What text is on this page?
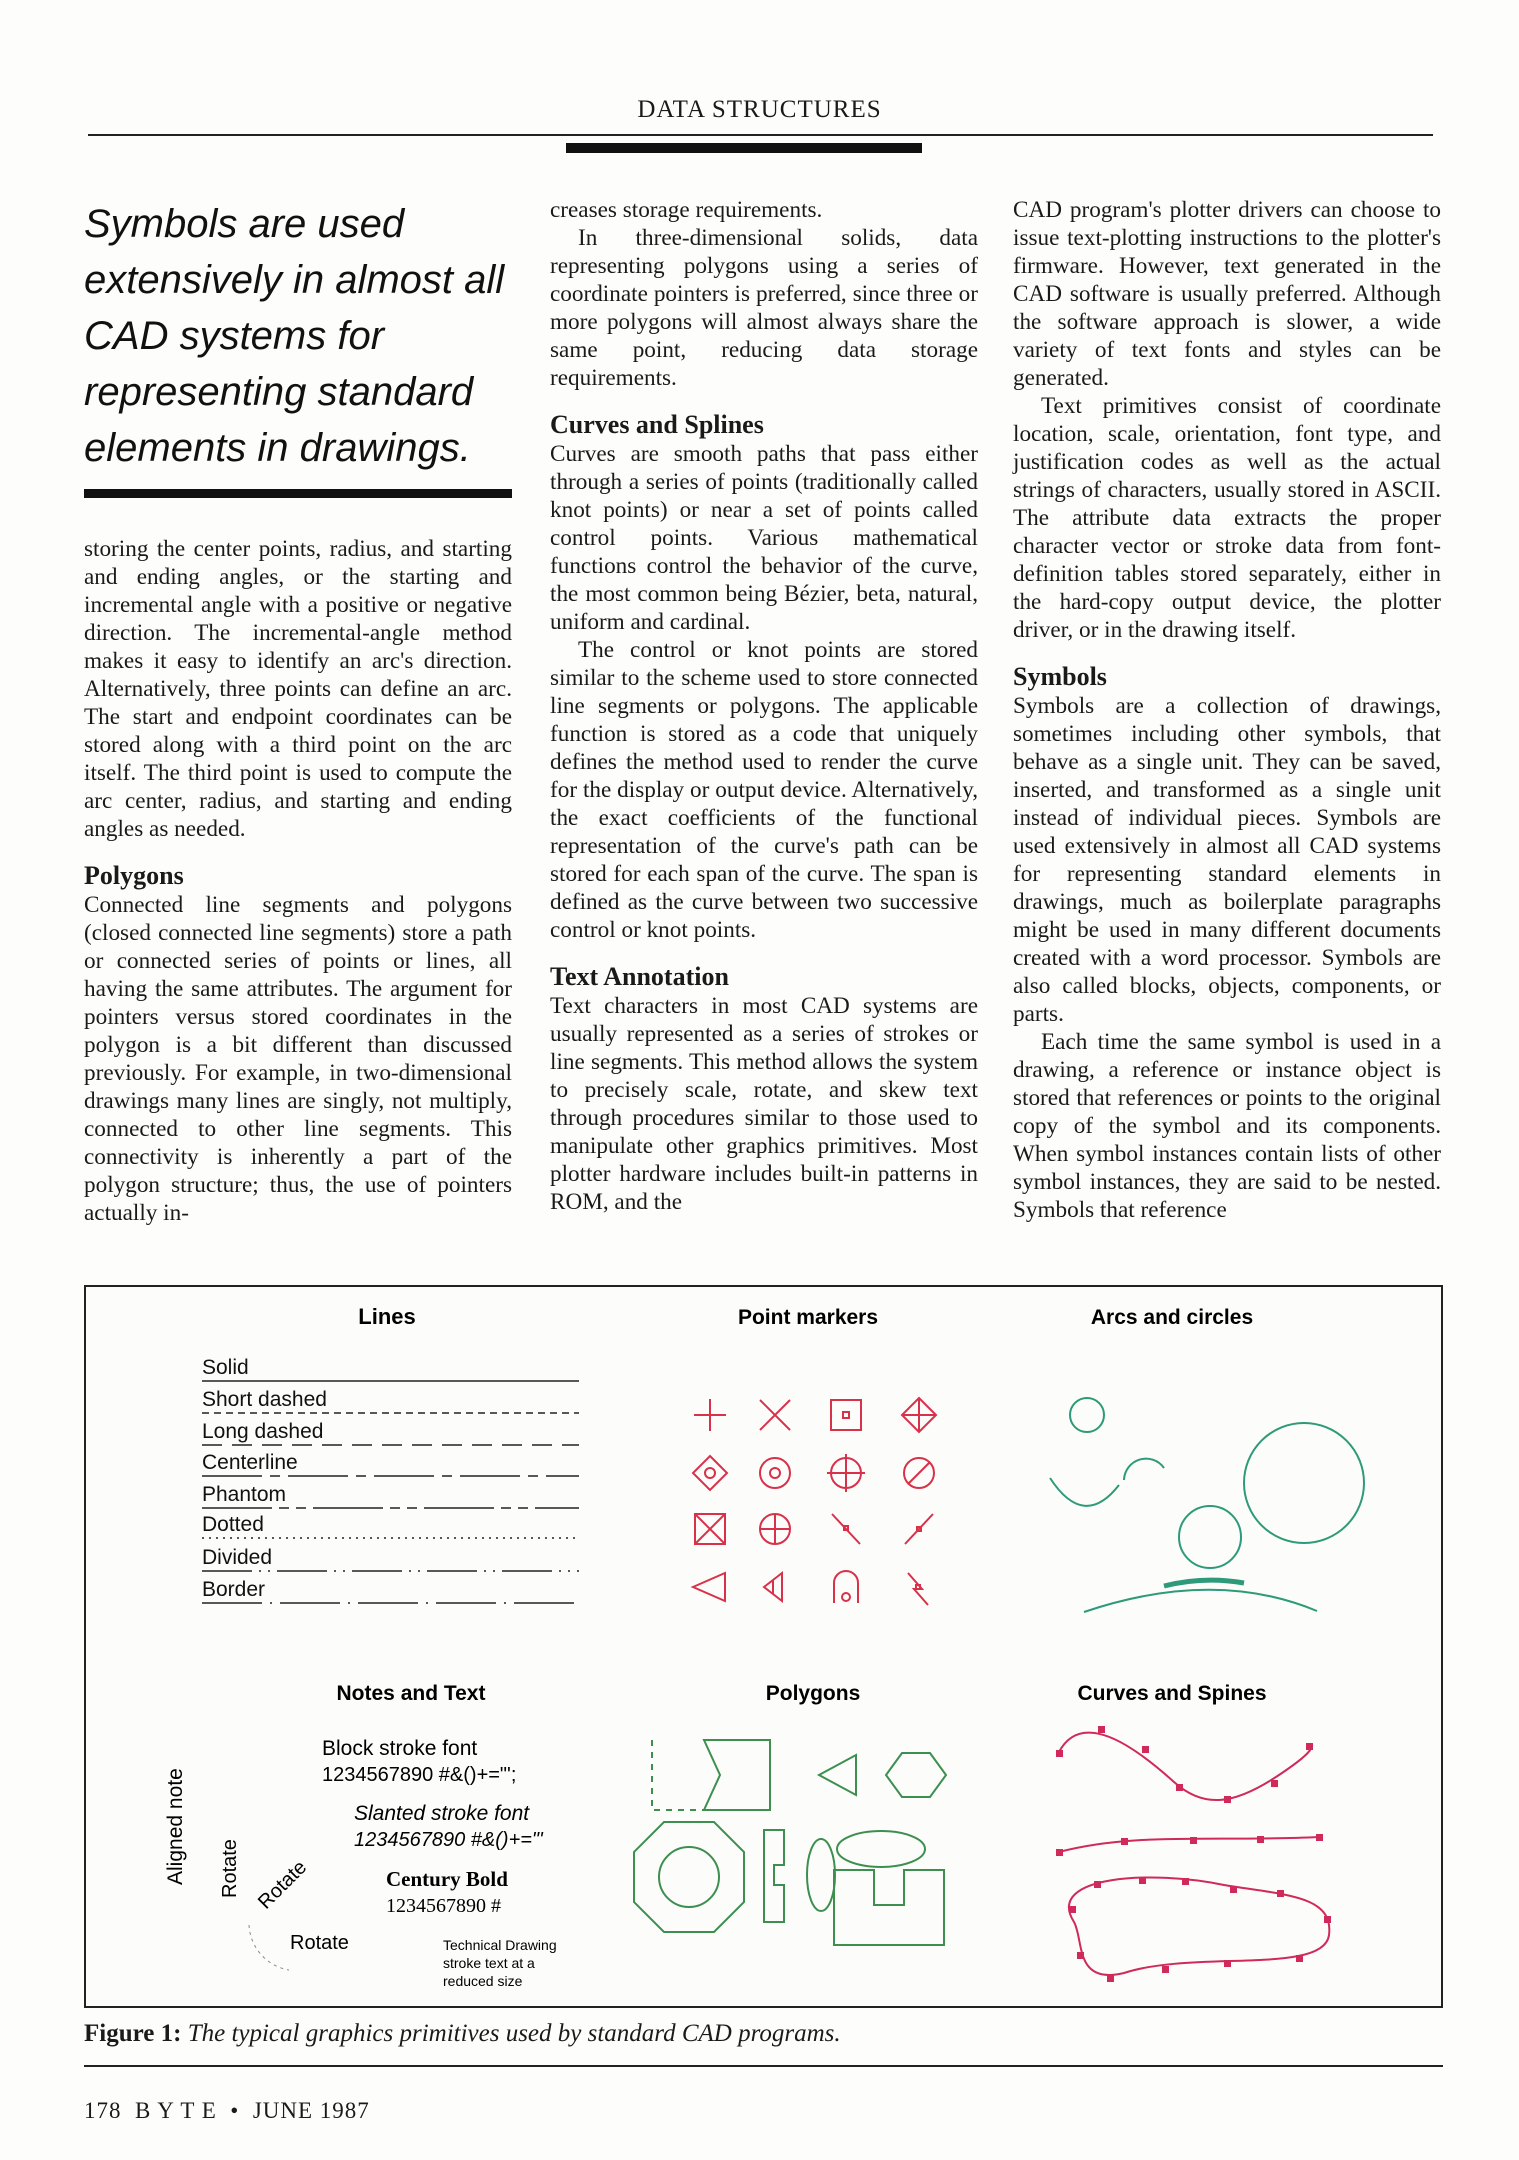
DATA STRUCTURES
Symbols are used extensively in almost all CAD systems for representing standard elements in drawings.

storing the center points, radius, and starting and ending angles, or the starting and incremental angle with a positive or negative direction. The incremental-angle method makes it easy to identify an arc's direction. Alternatively, three points can define an arc. The start and endpoint coordinates can be stored along with a third point on the arc itself. The third point is used to compute the arc center, radius, and starting and ending angles as needed.

Polygons

Connected line segments and polygons (closed connected line segments) store a path or connected series of points or lines, all having the same attributes. The argument for pointers versus stored coordinates in the polygon is a bit different than discussed previously. For example, in two-dimensional drawings many lines are singly, not multiply, connected to other line segments. This connectivity is inherently a part of the polygon structure; thus, the use of pointers actually in-

creases storage requirements.

In three-dimensional solids, data representing polygons using a series of coordinate pointers is preferred, since three or more polygons will almost always share the same point, reducing data storage requirements.

Curves and Splines

Curves are smooth paths that pass either through a series of points (traditionally called knot points) or near a set of points called control points. Various mathematical functions control the behavior of the curve, the most common being Bézier, beta, natural, uniform and cardinal.

The control or knot points are stored similar to the scheme used to store connected line segments or polygons. The applicable function is stored as a code that uniquely defines the method used to render the curve for the display or output device. Alternatively, the exact coefficients of the functional representation of the curve's path can be stored for each span of the curve. The span is defined as the curve between two successive control or knot points.

Text Annotation

Text characters in most CAD systems are usually represented as a series of strokes or line segments. This method allows the system to precisely scale, rotate, and skew text through procedures similar to those used to manipulate other graphics primitives. Most plotter hardware includes built-in patterns in ROM, and the

CAD program's plotter drivers can choose to issue text-plotting instructions to the plotter's firmware. However, text generated in the CAD software is usually preferred. Although the software approach is slower, a wide variety of text fonts and styles can be generated.

Text primitives consist of coordinate location, scale, orientation, font type, and justification codes as well as the actual strings of characters, usually stored in ASCII. The attribute data extracts the proper character vector or stroke data from font-definition tables stored separately, either in the hard-copy output device, the plotter driver, or in the drawing itself.

Symbols

Symbols are a collection of drawings, sometimes including other symbols, that behave as a single unit. They can be saved, inserted, and transformed as a single unit instead of individual pieces. Symbols are used extensively in almost all CAD systems for representing standard elements in drawings, much as boilerplate paragraphs might be used in many different documents created with a word processor. Symbols are also called blocks, objects, components, or parts.

Each time the same symbol is used in a drawing, a reference or instance object is stored that references or points to the original copy of the symbol and its components. When symbol instances contain lists of other symbol instances, they are said to be nested. Symbols that reference

Lines
Solid
Short dashed
Long dashed
Centerline
Phantom
Dotted
Divided
Border
Point markers	Arcs and circles
Notes and Text
Block stroke font
1234567890 #&()+="';
Slanted stroke font
1234567890 #&()+="'
Century Bold
1234567890 #
Aligned note Rotate Rotate
Rotate	Technical Drawing
stroke text at a
reduced size
Polygons	Curves and Spines
Figure 1: The typical graphics primitives used by standard CAD programs.
178  B Y T E  •  JUNE 1987
